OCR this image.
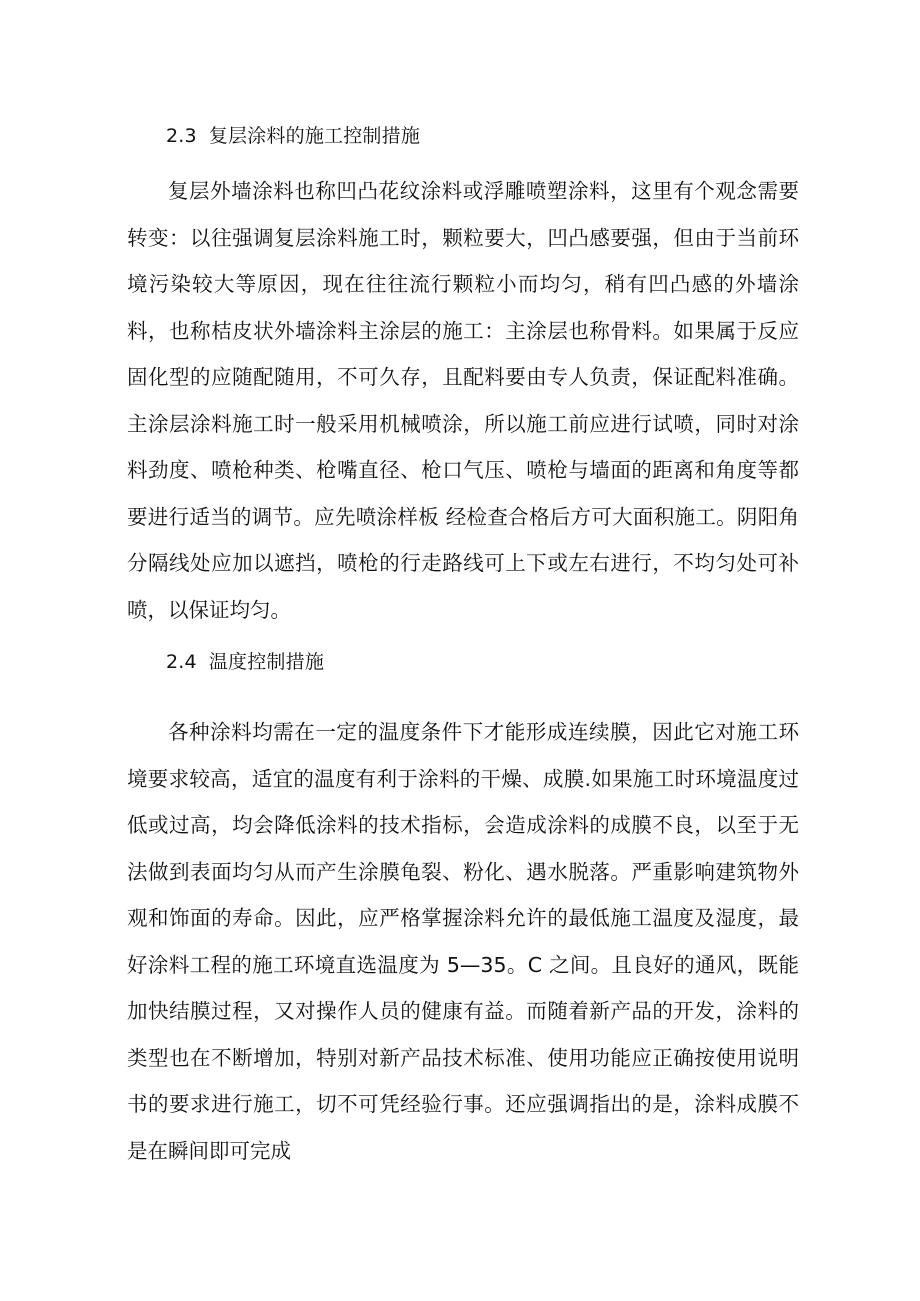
2.3 复层涂料的施工控制措施

复层外墙涂料也称凹凸花纹涂料或浮雕喷塑涂料，这里有个观念需要转变：以往强调复层涂料施工时，颗粒要大，凹凸感要强，但由于当前环境污染较大等原因，现在往往流行颗粒小而均匀，稍有凹凸感的外墙涂料，也称桔皮状外墙涂料主涂层的施工：主涂层也称骨料。如果属于反应固化型的应随配随用，不可久存，且配料要由专人负责，保证配料准确。主涂层涂料施工时一般采用机械喷涂，所以施工前应进行试喷，同时对涂料劲度、喷枪种类、枪嘴直径、枪口气压、喷枪与墙面的距离和角度等都要进行适当的调节。应先喷涂样板 经检查合格后方可大面积施工。阴阳角分隔线处应加以遮挡，喷枪的行走路线可上下或左右进行，不均匀处可补喷，以保证均匀。

2.4 温度控制措施

各种涂料均需在一定的温度条件下才能形成连续膜，因此它对施工环境要求较高，适宜的温度有利于涂料的干燥、成膜.如果施工时环境温度过低或过高，均会降低涂料的技术指标，会造成涂料的成膜不良，以至于无法做到表面均匀从而产生涂膜龟裂、粉化、遇水脱落。严重影响建筑物外观和饰面的寿命。因此，应严格掌握涂料允许的最低施工温度及湿度，最好涂料工程的施工环境直选温度为 5—35。C 之间。且良好的通风，既能加快结膜过程，又对操作人员的健康有益。而随着新产品的开发，涂料的类型也在不断增加，特别对新产品技术标准、使用功能应正确按使用说明书的要求进行施工，切不可凭经验行事。还应强调指出的是，涂料成膜不是在瞬间即可完成
